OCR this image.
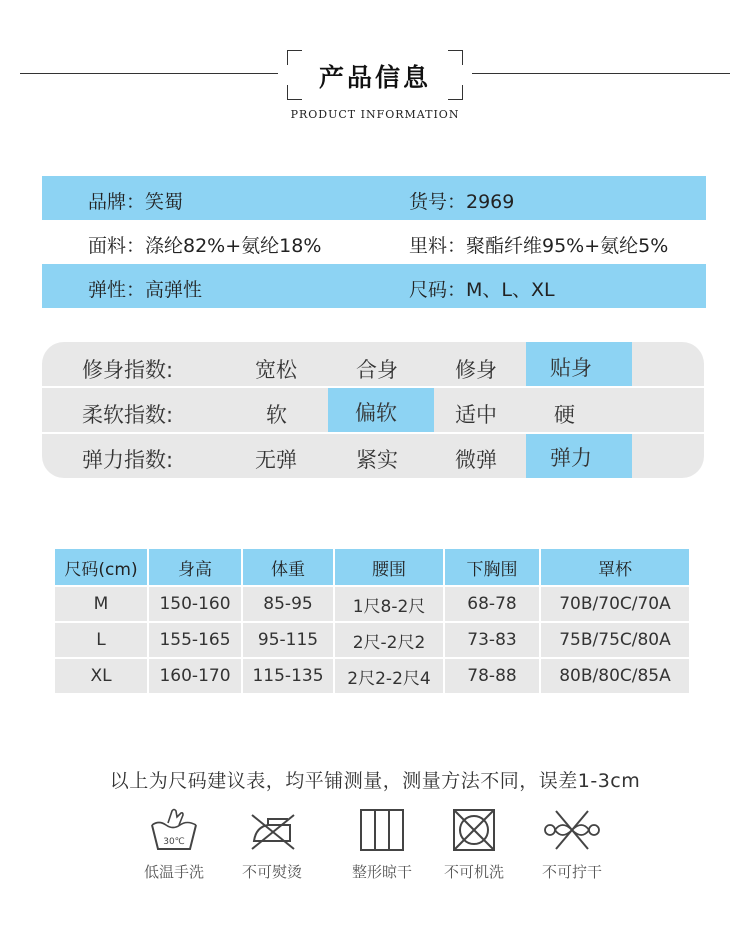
产品信息
PRODUCT INFORMATION
品牌：笑蜀	货号：2969
面料：涤纶82%+氨纶18%	里料：聚酯纤维95%+氨纶5%
弹性：高弹性	尺码：M、L、XL
修身指数:	宽松	合身	修身	贴身
柔软指数:	软	偏软	适中	硬
弹力指数:	无弹	紧实	微弹	弹力
尺码(cm)	身高	体重	腰围	下胸围	罩杯
M	150-160	85-95	1尺8-2尺	68-78	70B/70C/70A
L	155-165	95-115	2尺-2尺2	73-83	75B/75C/80A
XL	160-170	115-135	2尺2-2尺4	78-88	80B/80C/85A
以上为尺码建议表，均平铺测量，测量方法不同，误差1-3cm
30℃
低温手洗	不可熨烫	整形晾干	不可机洗	不可拧干
